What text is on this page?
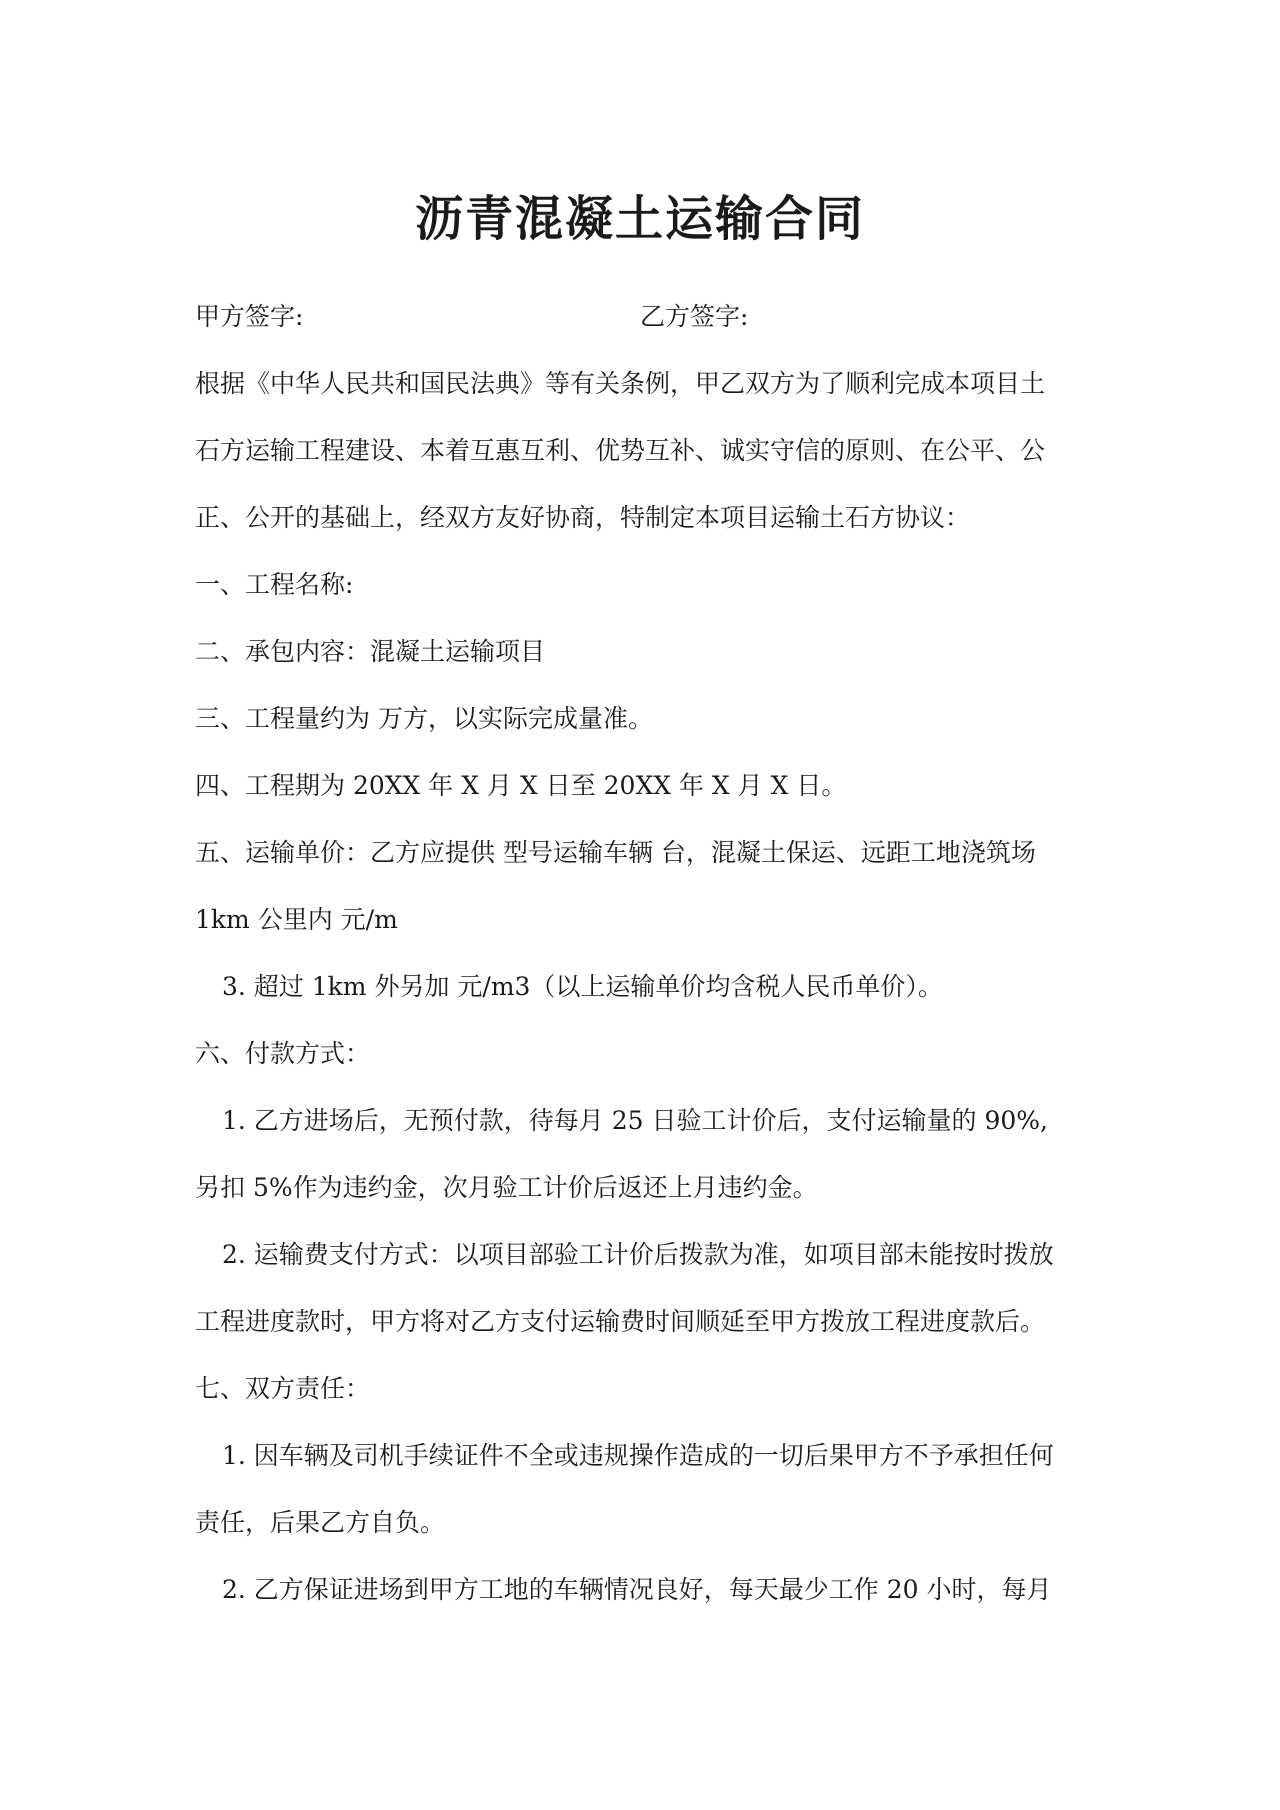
沥青混凝土运输合同
甲方签字:	乙方签字:
根据《中华人民共和国民法典》等有关条例，甲乙双方为了顺利完成本项目土
石方运输工程建设、本着互惠互利、优势互补、诚实守信的原则、在公平、公
正、公开的基础上，经双方友好协商，特制定本项目运输土石方协议：
一、工程名称:
二、承包内容：混凝土运输项目
三、工程量约为 万方，以实际完成量准。
四、工程期为 20XX 年 X 月 X 日至 20XX 年 X 月 X 日。
五、运输单价：乙方应提供 型号运输车辆 台，混凝土保运、远距工地浇筑场
1km 公里内 元/m
3. 超过 1km 外另加 元/m3（以上运输单价均含税人民币单价）。
六、付款方式：
1. 乙方进场后，无预付款，待每月 25 日验工计价后，支付运输量的 90%,
另扣 5%作为违约金，次月验工计价后返还上月违约金。
2. 运输费支付方式：以项目部验工计价后拨款为准，如项目部未能按时拨放
工程进度款时，甲方将对乙方支付运输费时间顺延至甲方拨放工程进度款后。
七、双方责任：
1. 因车辆及司机手续证件不全或违规操作造成的一切后果甲方不予承担任何
责任，后果乙方自负。
2. 乙方保证进场到甲方工地的车辆情况良好，每天最少工作 20 小时，每月
